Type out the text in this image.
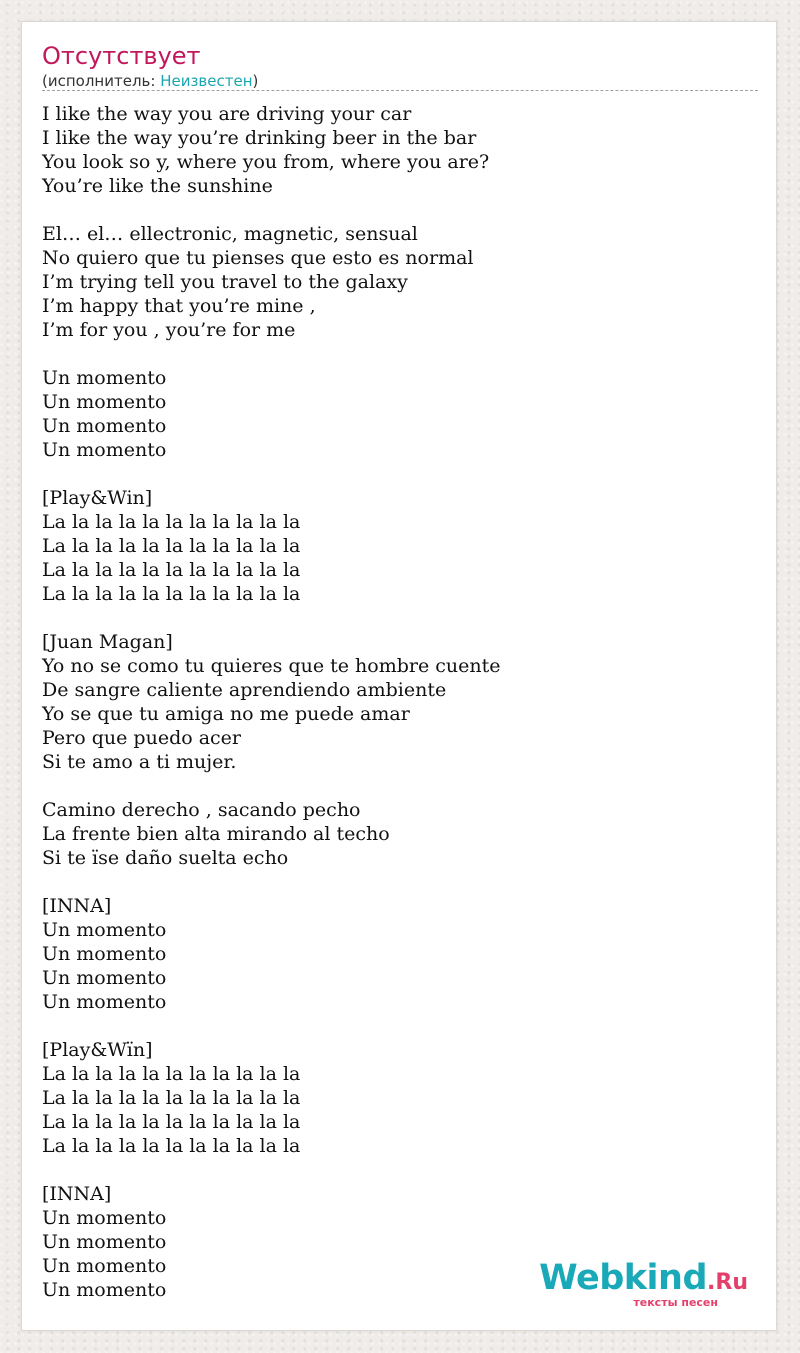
Отсутствует
(исполнитель: Неизвестен)
I like the way you are driving your car
I like the way you’re drinking beer in the bar
You look so y, where you from, where you are?
You’re like the sunshine

El… el… ellectronic, magnetic, sensual
No quiero que tu pienses que esto es normal
I’m trying tell you travel to the galaxy
I’m happy that you’re mine ,
I’m for you , you’re for me

Un momento
Un momento
Un momento
Un momento

[Play&Win]
La la la la la la la la la la la
La la la la la la la la la la la
La la la la la la la la la la la
La la la la la la la la la la la

[Juan Magan]
Yo no se como tu quieres que te hombre cuente
De sangre caliente aprendiendo ambiente
Yo se que tu amiga no me puede amar
Pero que puedo acer
Si te amo a ti mujer.

Camino derecho , sacando pecho
La frente bien alta mirando al techo
Si te ïse daño suelta echo

[INNA]
Un momento
Un momento
Un momento
Un momento

[Play&Wïn]
La la la la la la la la la la la
La la la la la la la la la la la
La la la la la la la la la la la
La la la la la la la la la la la

[INNA]
Un momento
Un momento
Un momento
Un momento	Webkind.Ru
тексты песен
